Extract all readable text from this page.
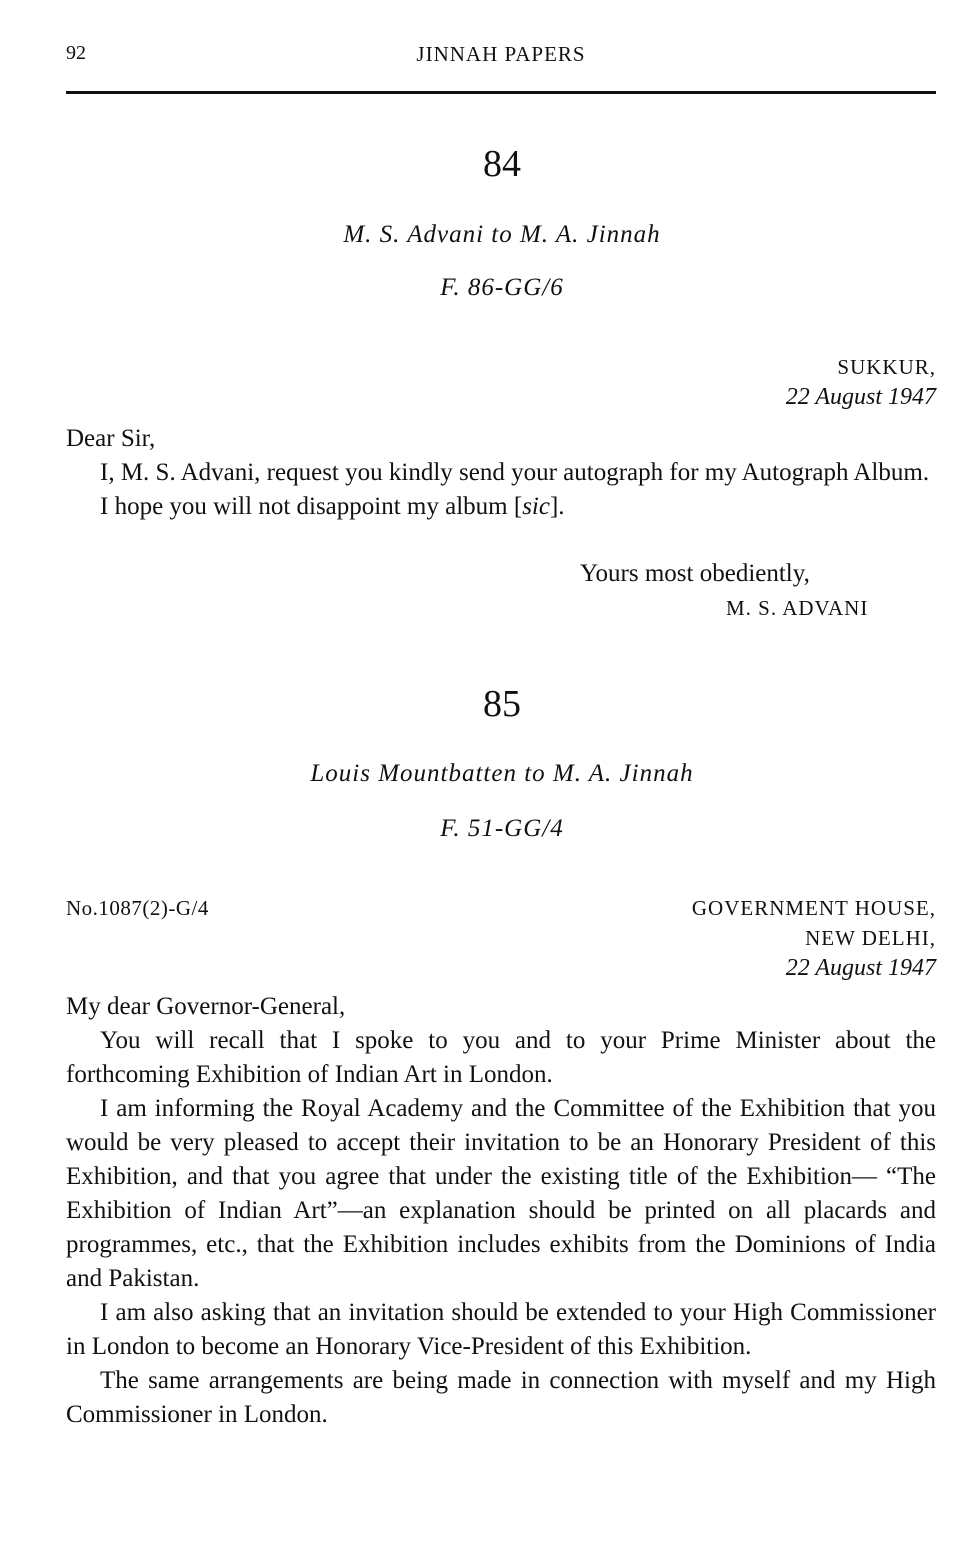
92	JINNAH PAPERS
84
M. S. Advani to M. A. Jinnah
F. 86-GG/6
SUKKUR,
22 August 1947

Dear Sir,

I, M. S. Advani, request you kindly send your autograph for my Autograph Album.

I hope you will not disappoint my album [sic].

Yours most obediently,
M. S. ADVANI
85
Louis Mountbatten to M. A. Jinnah
F. 51-GG/4
No.1087(2)-G/4	GOVERNMENT HOUSE,
NEW DELHI,
22 August 1947

My dear Governor-General,

You will recall that I spoke to you and to your Prime Minister about the forthcoming Exhibition of Indian Art in London.

I am informing the Royal Academy and the Committee of the Exhibition that you would be very pleased to accept their invitation to be an Honorary President of this Exhibition, and that you agree that under the existing title of the Exhibition— “The Exhibition of Indian Art”—an explanation should be printed on all placards and programmes, etc., that the Exhibition includes exhibits from the Dominions of India and Pakistan.

I am also asking that an invitation should be extended to your High Commissioner in London to become an Honorary Vice-President of this Exhibition.

The same arrangements are being made in connection with myself and my High Commissioner in London.
